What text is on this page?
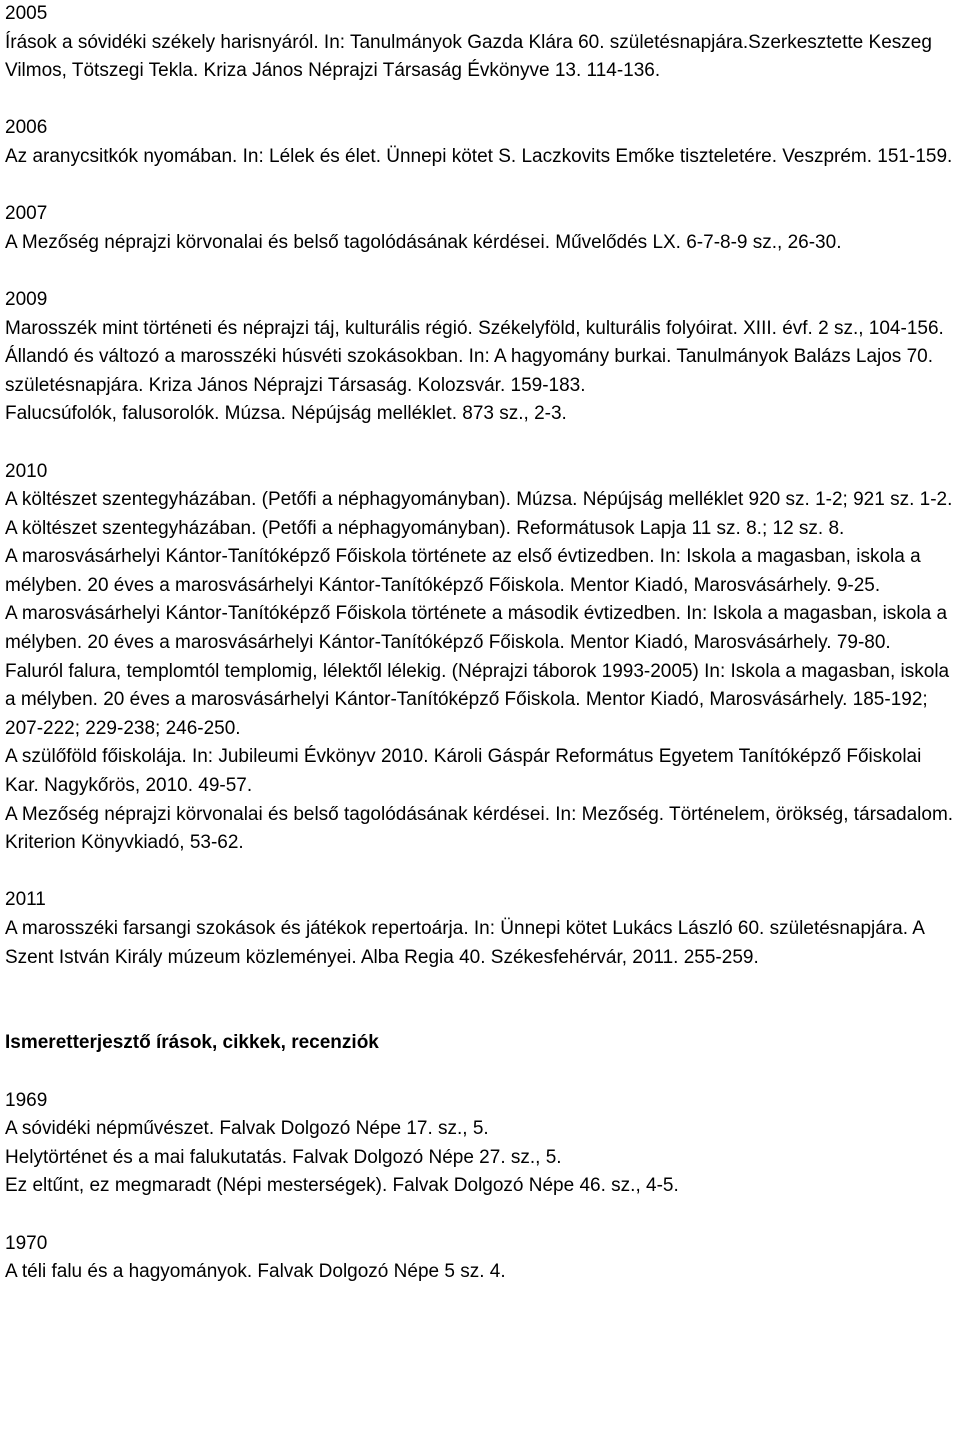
2005
Írások a sóvidéki székely harisnyáról. In: Tanulmányok Gazda Klára 60. születésnapjára.Szerkesztette Keszeg Vilmos, Tötszegi Tekla. Kriza János Néprajzi Társaság Évkönyve 13. 114-136.
2006
Az aranycsitkók nyomában. In: Lélek és élet. Ünnepi kötet S. Laczkovits Emőke tiszteletére. Veszprém. 151-159.
2007
A Mezőség néprajzi körvonalai és belső tagolódásának kérdései. Művelődés LX. 6-7-8-9 sz., 26-30.
2009
Marosszék mint történeti és néprajzi táj, kulturális régió. Székelyföld, kulturális folyóirat. XIII. évf. 2 sz., 104-156.
Állandó és változó a marosszéki húsvéti szokásokban. In: A hagyomány burkai. Tanulmányok Balázs Lajos 70. születésnapjára. Kriza János Néprajzi Társaság. Kolozsvár. 159-183.
Falucsúfolók, falusorolók. Múzsa. Népújság melléklet. 873 sz., 2-3.
2010
A költészet szentegyházában. (Petőfi a néphagyományban). Múzsa. Népújság melléklet 920 sz. 1-2; 921 sz. 1-2.
A költészet szentegyházában. (Petőfi a néphagyományban). Reformátusok Lapja 11 sz. 8.; 12 sz. 8.
A marosvásárhelyi Kántor-Tanítóképző Főiskola története az első évtizedben. In: Iskola a magasban, iskola a mélyben. 20 éves a marosvásárhelyi Kántor-Tanítóképző Főiskola. Mentor Kiadó, Marosvásárhely. 9-25.
A marosvásárhelyi Kántor-Tanítóképző Főiskola története a második évtizedben. In: Iskola a magasban, iskola a mélyben. 20 éves a marosvásárhelyi Kántor-Tanítóképző Főiskola. Mentor Kiadó, Marosvásárhely. 79-80.
Faluról falura, templomtól templomig, lélektől lélekig. (Néprajzi táborok 1993-2005) In: Iskola a magasban, iskola a mélyben. 20 éves a marosvásárhelyi Kántor-Tanítóképző Főiskola. Mentor Kiadó, Marosvásárhely. 185-192; 207-222; 229-238; 246-250.
A szülőföld főiskolája. In: Jubileumi Évkönyv 2010. Károli Gáspár Református Egyetem Tanítóképző Főiskolai Kar. Nagykőrös, 2010. 49-57.
A Mezőség néprajzi körvonalai és belső tagolódásának kérdései. In: Mezőség. Történelem, örökség, társadalom. Kriterion Könyvkiadó, 53-62.
2011
A marosszéki farsangi szokások és játékok repertoárja. In: Ünnepi kötet Lukács László 60. születésnapjára. A Szent István Király múzeum közleményei. Alba Regia 40. Székesfehérvár, 2011. 255-259.
Ismeretterjesztő írások, cikkek, recenziók
1969
A sóvidéki népművészet. Falvak Dolgozó Népe 17. sz., 5.
Helytörténet és a mai falukutatás. Falvak Dolgozó Népe 27. sz., 5.
Ez eltűnt, ez megmaradt (Népi mesterségek). Falvak Dolgozó Népe 46. sz., 4-5.
1970
A téli falu és a hagyományok. Falvak Dolgozó Népe 5 sz. 4.
